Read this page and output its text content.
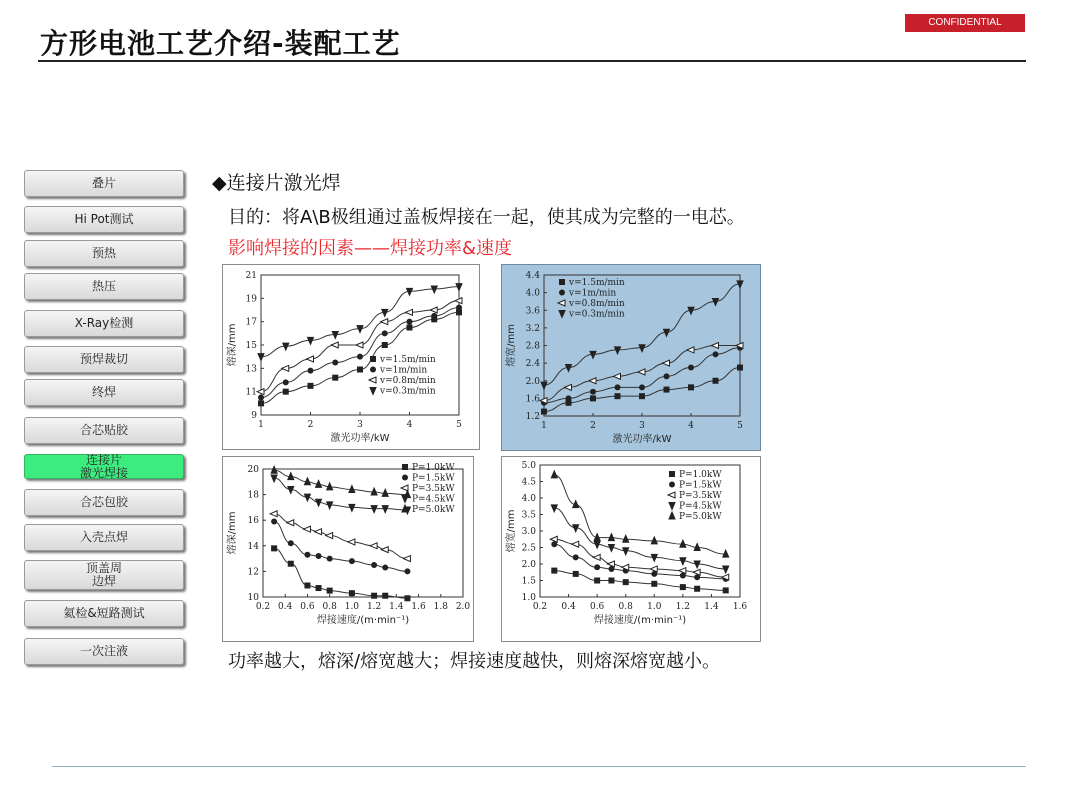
方形电池工艺介绍-装配工艺
CONFIDENTIAL
叠片
Hi Pot测试
预热
热压
X-Ray检测
预焊裁切
终焊
合芯贴胶
连接片
激光焊接
合芯包胶
入壳点焊
顶盖周
边焊
氦检&短路测试
一次注液
◆连接片激光焊
目的：将A\B极组通过盖板焊接在一起，使其成为完整的一电芯。
影响焊接的因素——焊接功率&速度
1	2	3	4	5
9
11
13
15
17
19
21
激光功率/kW
熔深/mm	v=1.5m/min
v=1m/min
v=0.8m/min
v=0.3m/min
1	2	3	4	5
1.2
1.6
2.0
2.4
2.8
3.2
3.6
4.0
4.4
激光功率/kW
熔宽/mm
v=1.5m/min
v=1m/min
v=0.8m/min
v=0.3m/min
0.2 0.4 0.6 0.8 1.0 1.2 1.4 1.6 1.8 2.0
10
12
14
16
18
20
焊接速度/(m·min⁻¹)
熔深/mm
P=1.0kW
P=1.5kW
P=3.5kW
P=4.5kW
P=5.0kW
0.2 0.4 0.6 0.8 1.0 1.2 1.4 1.6
1.0
1.5
2.0
2.5
3.0
3.5
4.0
4.5
5.0
焊接速度/(m·min⁻¹)
熔宽/mm
P=1.0kW
P=1.5kW
P=3.5kW
P=4.5kW
P=5.0kW
功率越大，熔深/熔宽越大；焊接速度越快，则熔深熔宽越小。
